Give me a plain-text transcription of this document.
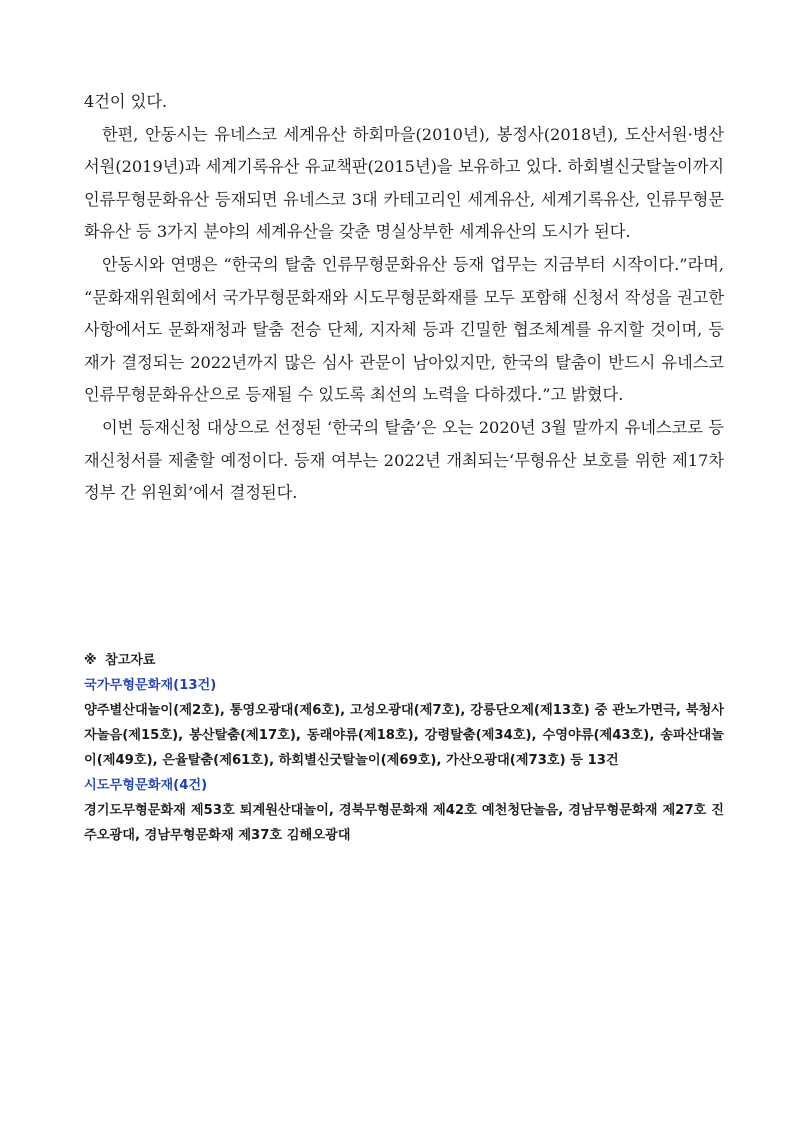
4건이 있다.

한편, 안동시는 유네스코 세계유산 하회마을(2010년), 봉정사(2018년), 도산서원·병산서원(2019년)과 세계기록유산 유교책판(2015년)을 보유하고 있다. 하회별신굿탈놀이까지 인류무형문화유산 등재되면 유네스코 3대 카테고리인 세계유산, 세계기록유산, 인류무형문화유산 등 3가지 분야의 세계유산을 갖춘 명실상부한 세계유산의 도시가 된다.

안동시와 연맹은 “한국의 탈춤 인류무형문화유산 등재 업무는 지금부터 시작이다.”라며, “문화재위원회에서 국가무형문화재와 시도무형문화재를 모두 포함해 신청서 작성을 권고한 사항에서도 문화재청과 탈춤 전승 단체, 지자체 등과 긴밀한 협조체계를 유지할 것이며, 등재가 결정되는 2022년까지 많은 심사 관문이 남아있지만, 한국의 탈춤이 반드시 유네스코 인류무형문화유산으로 등재될 수 있도록 최선의 노력을 다하겠다.”고 밝혔다.

이번 등재신청 대상으로 선정된 ‘한국의 탈춤’은 오는 2020년 3월 말까지 유네스코로 등재신청서를 제출할 예정이다. 등재 여부는 2022년 개최되는‘무형유산 보호를 위한 제17차 정부 간 위원회’에서 결정된다.

※ 참고자료
국가무형문화재(13건)
양주별산대놀이(제2호), 통영오광대(제6호), 고성오광대(제7호), 강릉단오제(제13호) 중 관노가면극, 북청사자놀음(제15호), 봉산탈춤(제17호), 동래야류(제18호), 강령탈춤(제34호), 수영야류(제43호), 송파산대놀이(제49호), 은율탈춤(제61호), 하회별신굿탈놀이(제69호), 가산오광대(제73호) 등 13건
시도무형문화재(4건)
경기도무형문화재 제53호 퇴계원산대놀이, 경북무형문화재 제42호 예천청단놀음, 경남무형문화재 제27호 진주오광대, 경남무형문화재 제37호 김해오광대
